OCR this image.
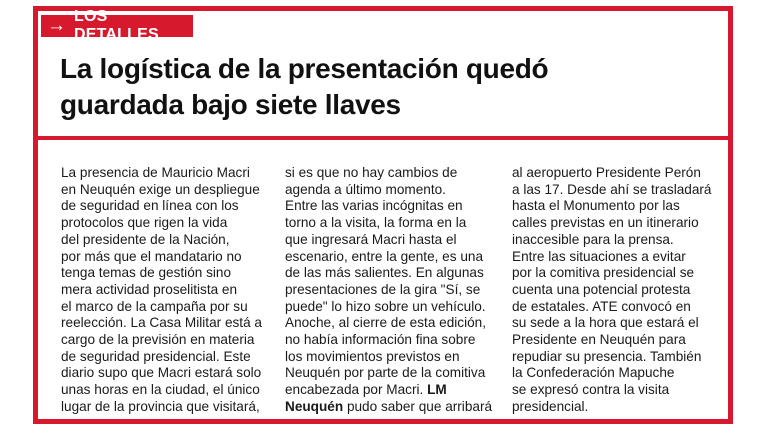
→ LOS DETALLES
La logística de la presentación quedó
guardada bajo siete llaves
La presencia de Mauricio Macri
en Neuquén exige un despliegue
de seguridad en línea con los
protocolos que rigen la vida
del presidente de la Nación,
por más que el mandatario no
tenga temas de gestión sino
mera actividad proselitista en
el marco de la campaña por su
reelección. La Casa Militar está a
cargo de la previsión en materia
de seguridad presidencial. Este
diario supo que Macri estará solo
unas horas en la ciudad, el único
lugar de la provincia que visitará,
si es que no hay cambios de
agenda a último momento.
Entre las varias incógnitas en
torno a la visita, la forma en la
que ingresará Macri hasta el
escenario, entre la gente, es una
de las más salientes. En algunas
presentaciones de la gira "Sí, se
puede" lo hizo sobre un vehículo.
Anoche, al cierre de esta edición,
no había información fina sobre
los movimientos previstos en
Neuquén por parte de la comitiva
encabezada por Macri. LM
Neuquén pudo saber que arribará
al aeropuerto Presidente Perón
a las 17. Desde ahí se trasladará
hasta el Monumento por las
calles previstas en un itinerario
inaccesible para la prensa.
Entre las situaciones a evitar
por la comitiva presidencial se
cuenta una potencial protesta
de estatales. ATE convocó en
su sede a la hora que estará el
Presidente en Neuquén para
repudiar su presencia. También
la Confederación Mapuche
se expresó contra la visita
presidencial.
